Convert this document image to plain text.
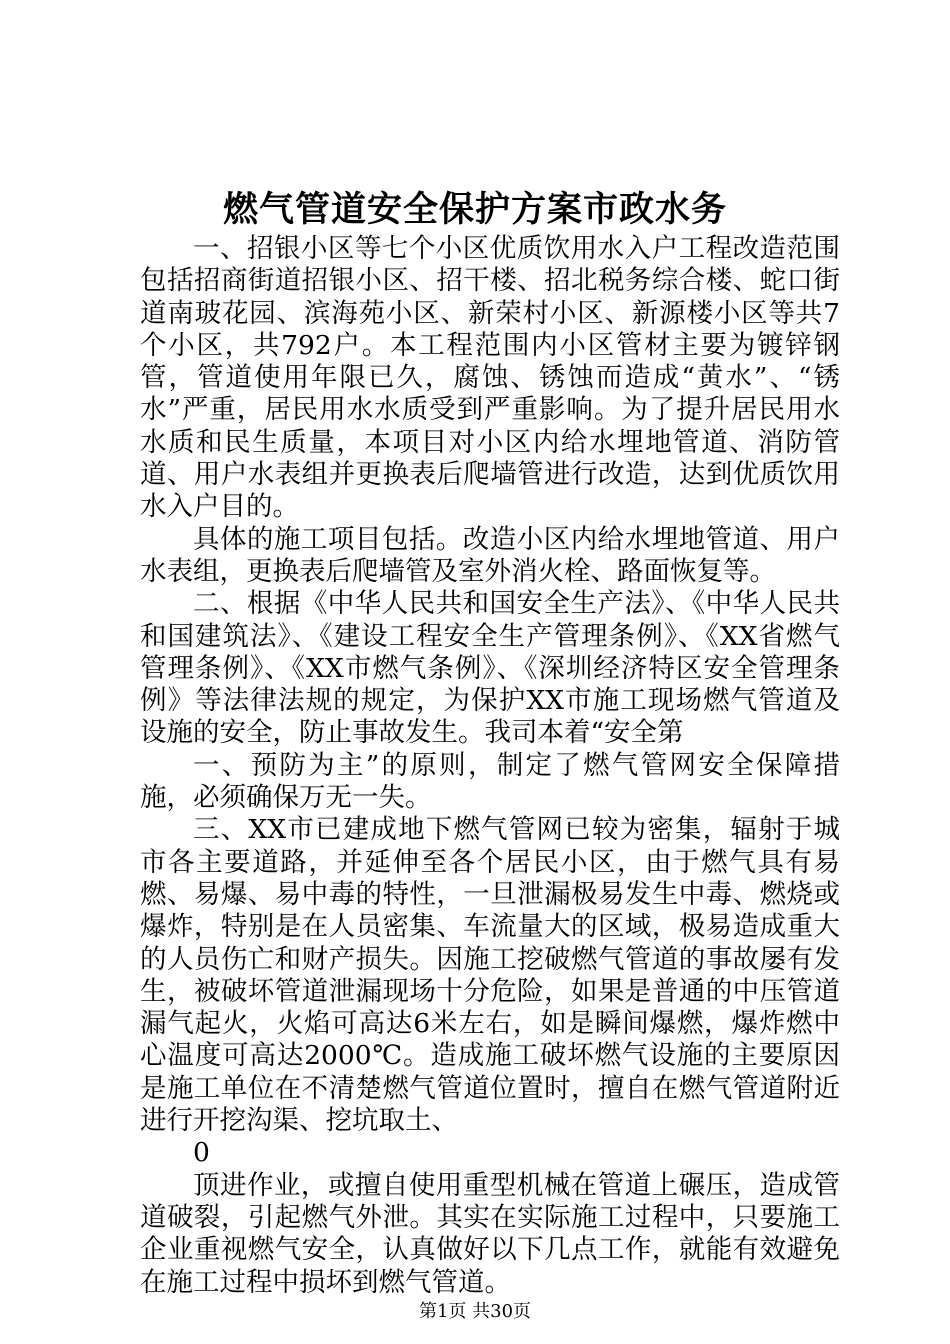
燃气管道安全保护方案市政水务

一、招银小区等七个小区优质饮用水入户工程改造范围包括招商街道招银小区、招干楼、招北税务综合楼、蛇口街道南玻花园、滨海苑小区、新荣村小区、新源楼小区等共7个小区，共792户。本工程范围内小区管材主要为镀锌钢管，管道使用年限已久，腐蚀、锈蚀而造成“黄水”、“锈水”严重，居民用水水质受到严重影响。为了提升居民用水水质和民生质量，本项目对小区内给水埋地管道、消防管道、用户水表组并更换表后爬墙管进行改造，达到优质饮用水入户目的。

具体的施工项目包括。改造小区内给水埋地管道、用户水表组，更换表后爬墙管及室外消火栓、路面恢复等。

二、根据《中华人民共和国安全生产法》、《中华人民共和国建筑法》、《建设工程安全生产管理条例》、《XX省燃气管理条例》、《XX市燃气条例》、《深圳经济特区安全管理条例》等法律法规的规定，为保护XX市施工现场燃气管道及设施的安全，防止事故发生。我司本着“安全第

一、预防为主”的原则，制定了燃气管网安全保障措施，必须确保万无一失。

三、XX市已建成地下燃气管网已较为密集，辐射于城市各主要道路，并延伸至各个居民小区，由于燃气具有易燃、易爆、易中毒的特性，一旦泄漏极易发生中毒、燃烧或爆炸，特别是在人员密集、车流量大的区域，极易造成重大的人员伤亡和财产损失。因施工挖破燃气管道的事故屡有发生，被破坏管道泄漏现场十分危险，如果是普通的中压管道漏气起火，火焰可高达6米左右，如是瞬间爆燃，爆炸燃中心温度可高达2000℃。造成施工破坏燃气设施的主要原因是施工单位在不清楚燃气管道位置时，擅自在燃气管道附近进行开挖沟渠、挖坑取土、

0

顶进作业，或擅自使用重型机械在管道上碾压，造成管道破裂，引起燃气外泄。其实在实际施工过程中，只要施工企业重视燃气安全，认真做好以下几点工作，就能有效避免在施工过程中损坏到燃气管道。

第1页 共30页
